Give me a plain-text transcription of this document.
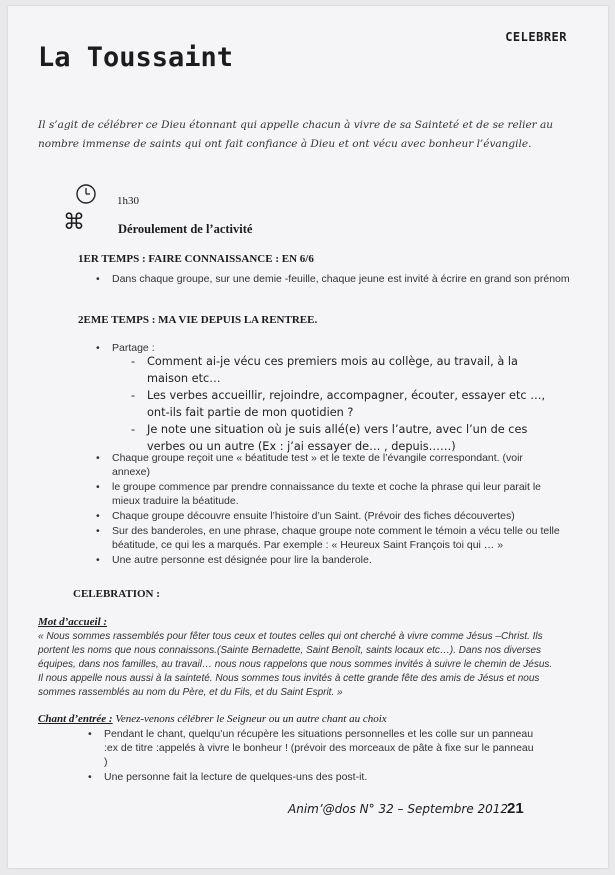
CELEBRER
La Toussaint
Il s’agit de célébrer ce Dieu étonnant qui appelle chacun à vivre de sa Sainteté et de se relier au nombre immense de saints qui ont fait confiance à Dieu et ont vécu avec bonheur l’évangile.
1h30
⌘	Déroulement de l’activité
1ER TEMPS : FAIRE CONNAISSANCE : EN 6/6
• Dans chaque groupe, sur une demie -feuille, chaque jeune est invité à écrire en grand son prénom
2EME TEMPS : MA VIE DEPUIS LA RENTREE.
• Partage :
- Comment ai-je vécu ces premiers mois au collège, au travail, à la maison etc…
- Les verbes accueillir, rejoindre, accompagner, écouter, essayer etc …, ont-ils fait partie de mon quotidien ?
- Je note une situation où je suis allé(e) vers l’autre, avec l’un de ces verbes ou un autre (Ex : j’ai essayer de… , depuis……)
• Chaque groupe reçoit une « béatitude test » et le texte de l’évangile correspondant. (voir annexe)
• le groupe commence par prendre connaissance du texte et coche la phrase qui leur parait le mieux traduire la béatitude.
• Chaque groupe découvre ensuite l’histoire d’un Saint. (Prévoir des fiches découvertes)
• Sur des banderoles, en une phrase, chaque groupe note comment le témoin a vécu telle ou telle béatitude, ce qui les a marqués. Par exemple : « Heureux Saint François toi qui … »
• Une autre personne est désignée pour lire la banderole.
CELEBRATION :
Mot d’accueil :
« Nous sommes rassemblés pour fêter tous ceux et toutes celles qui ont cherché à vivre comme Jésus –Christ. Ils portent les noms que nous connaissons.(Sainte Bernadette, Saint Benoît, saints locaux etc…). Dans nos diverses équipes, dans nos familles, au travail… nous nous rappelons que nous sommes invités à suivre le chemin de Jésus. Il nous appelle nous aussi à la sainteté. Nous sommes tous invités à cette grande fête des amis de Jésus et nous sommes rassemblés au nom du Père, et du Fils, et du Saint Esprit. »
Chant d’entrée : Venez-venons célébrer le Seigneur ou un autre chant au choix
• Pendant le chant, quelqu’un récupère les situations personnelles et les colle sur un panneau :ex de titre :appelés à vivre le bonheur ! (prévoir des morceaux de pâte à fixe sur le panneau )
• Une personne fait la lecture de quelques-uns des post-it.
Anim’@dos N° 32 – Septembre 2012
21
